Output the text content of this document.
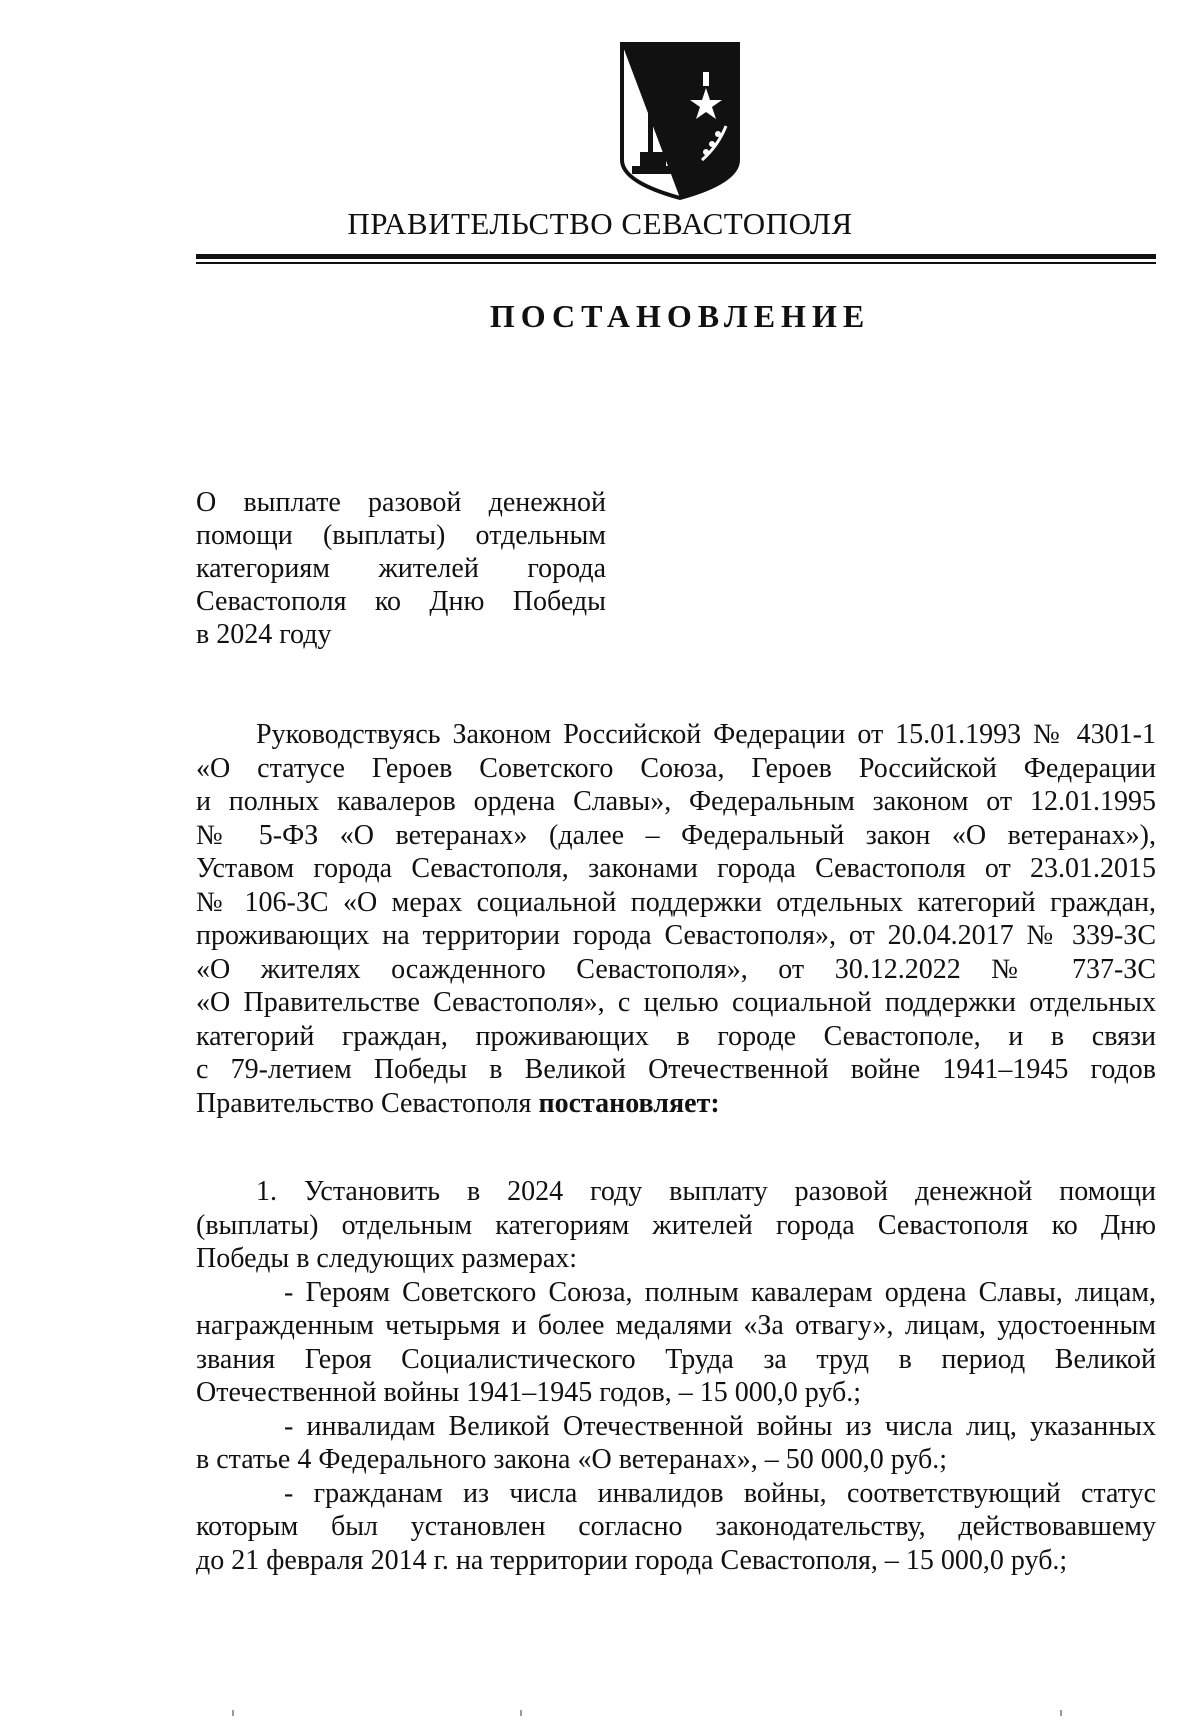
ПРАВИТЕЛЬСТВО СЕВАСТОПОЛЯ
ПОСТАНОВЛЕНИЕ
О выплате разовой денежной
помощи (выплаты) отдельным
категориям жителей города
Севастополя ко Дню Победы
в 2024 году
Руководствуясь Законом Российской Федерации от 15.01.1993 № 4301-1
«О статусе Героев Советского Союза, Героев Российской Федерации
и полных кавалеров ордена Славы», Федеральным законом от 12.01.1995
№ 5-ФЗ «О ветеранах» (далее – Федеральный закон «О ветеранах»),
Уставом города Севастополя, законами города Севастополя от 23.01.2015
№ 106-ЗС «О мерах социальной поддержки отдельных категорий граждан,
проживающих на территории города Севастополя», от 20.04.2017 № 339-ЗС
«О жителях осажденного Севастополя», от 30.12.2022 № 737-ЗС
«О Правительстве Севастополя», с целью социальной поддержки отдельных
категорий граждан, проживающих в городе Севастополе, и в связи
с 79-летием Победы в Великой Отечественной войне 1941–1945 годов
Правительство Севастополя постановляет:
1. Установить в 2024 году выплату разовой денежной помощи
(выплаты) отдельным категориям жителей города Севастополя ко Дню
Победы в следующих размерах:
- Героям Советского Союза, полным кавалерам ордена Славы, лицам,
награжденным четырьмя и более медалями «За отвагу», лицам, удостоенным
звания Героя Социалистического Труда за труд в период Великой
Отечественной войны 1941–1945 годов, – 15 000,0 руб.;
- инвалидам Великой Отечественной войны из числа лиц, указанных
в статье 4 Федерального закона «О ветеранах», – 50 000,0 руб.;
- гражданам из числа инвалидов войны, соответствующий статус
которым был установлен согласно законодательству, действовавшему
до 21 февраля 2014 г. на территории города Севастополя, – 15 000,0 руб.;
